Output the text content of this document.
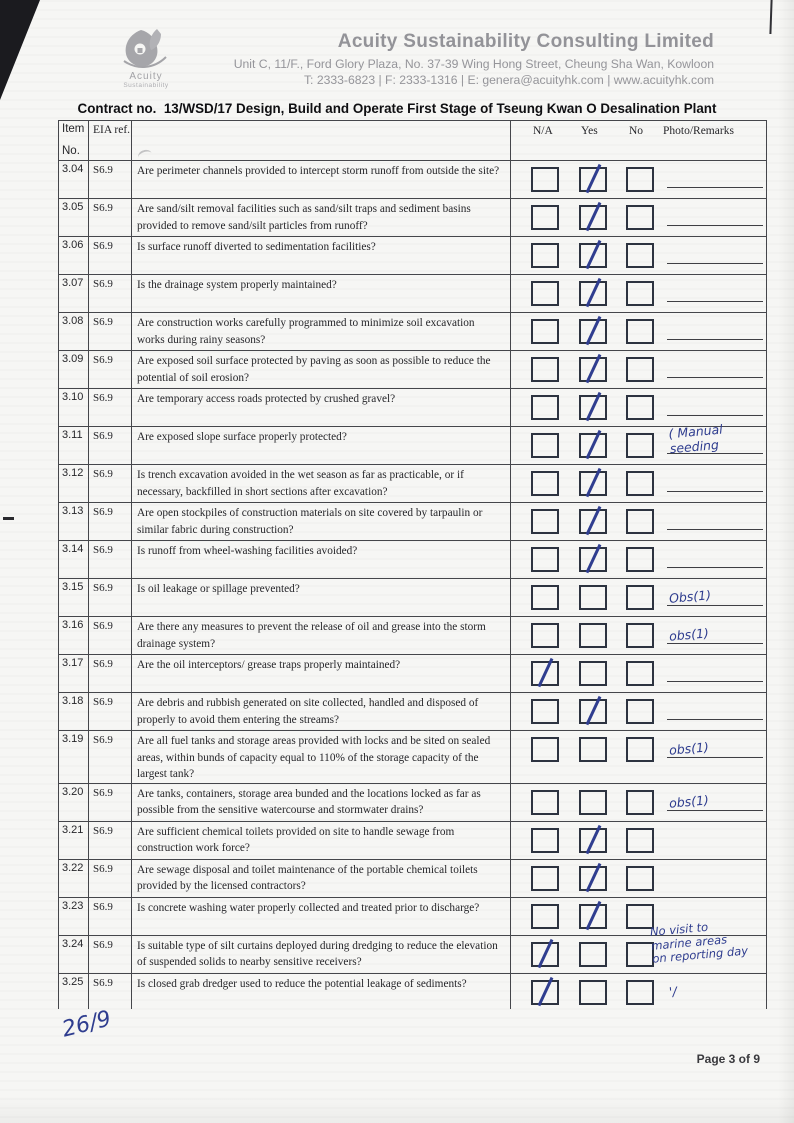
Acuity
Sustainability
Acuity Sustainability Consulting Limited
Unit C, 11/F., Ford Glory Plaza, No. 37-39 Wing Hong Street, Cheung Sha Wan, Kowloon
T: 2333-6823 | F: 2333-1316 | E: genera@acuityhk.com | www.acuityhk.com
Contract no.  13/WSD/17 Design, Build and Operate First Stage of Tseung Kwan O Desalination Plant
Item
No.	EIA ref.		N/A Yes No Photo/Remarks

3.04	S6.9	Are perimeter channels provided to intercept storm runoff from outside the site?	

3.05	S6.9	Are sand/silt removal facilities such as sand/silt traps and sediment basins provided to remove sand/silt particles from runoff?	

3.06	S6.9	Is surface runoff diverted to sedimentation facilities?	

3.07	S6.9	Is the drainage system properly maintained?	

3.08	S6.9	Are construction works carefully programmed to minimize soil excavation works during rainy seasons?	

3.09	S6.9	Are exposed soil surface protected by paving as soon as possible to reduce the potential of soil erosion?	

3.10	S6.9	Are temporary access roads protected by crushed gravel?	

3.11	S6.9	Are exposed slope surface properly protected?	( Manual seeding

3.12	S6.9	Is trench excavation avoided in the wet season as far as practicable, or if necessary, backfilled in short sections after excavation?	

3.13	S6.9	Are open stockpiles of construction materials on site covered by tarpaulin or similar fabric during construction?	

3.14	S6.9	Is runoff from wheel-washing facilities avoided?	

3.15	S6.9	Is oil leakage or spillage prevented?	Obs(1)

3.16	S6.9	Are there any measures to prevent the release of oil and grease into the storm drainage system?	obs(1)

3.17	S6.9	Are the oil interceptors/ grease traps properly maintained?	

3.18	S6.9	Are debris and rubbish generated on site collected, handled and disposed of properly to avoid them entering the streams?	

3.19	S6.9	Are all fuel tanks and storage areas provided with locks and be sited on sealed areas, within bunds of capacity equal to 110% of the storage capacity of the largest tank?	obs(1)

3.20	S6.9	Are tanks, containers, storage area bunded and the locations locked as far as possible from the sensitive watercourse and stormwater drains?	obs(1)

3.21	S6.9	Are sufficient chemical toilets provided on site to handle sewage from construction work force?	

3.22	S6.9	Are sewage disposal and toilet maintenance of the portable chemical toilets provided by the licensed contractors?	

3.23	S6.9	Is concrete washing water properly collected and treated prior to discharge?	

3.24	S6.9	Is suitable type of silt curtains deployed during dredging to reduce the elevation of suspended solids to nearby sensitive receivers?	No visit to
marine areas
on reporting day

3.25	S6.9	Is closed grab dredger used to reduce the potential leakage of sediments?	'/
26/9
Page 3 of 9
